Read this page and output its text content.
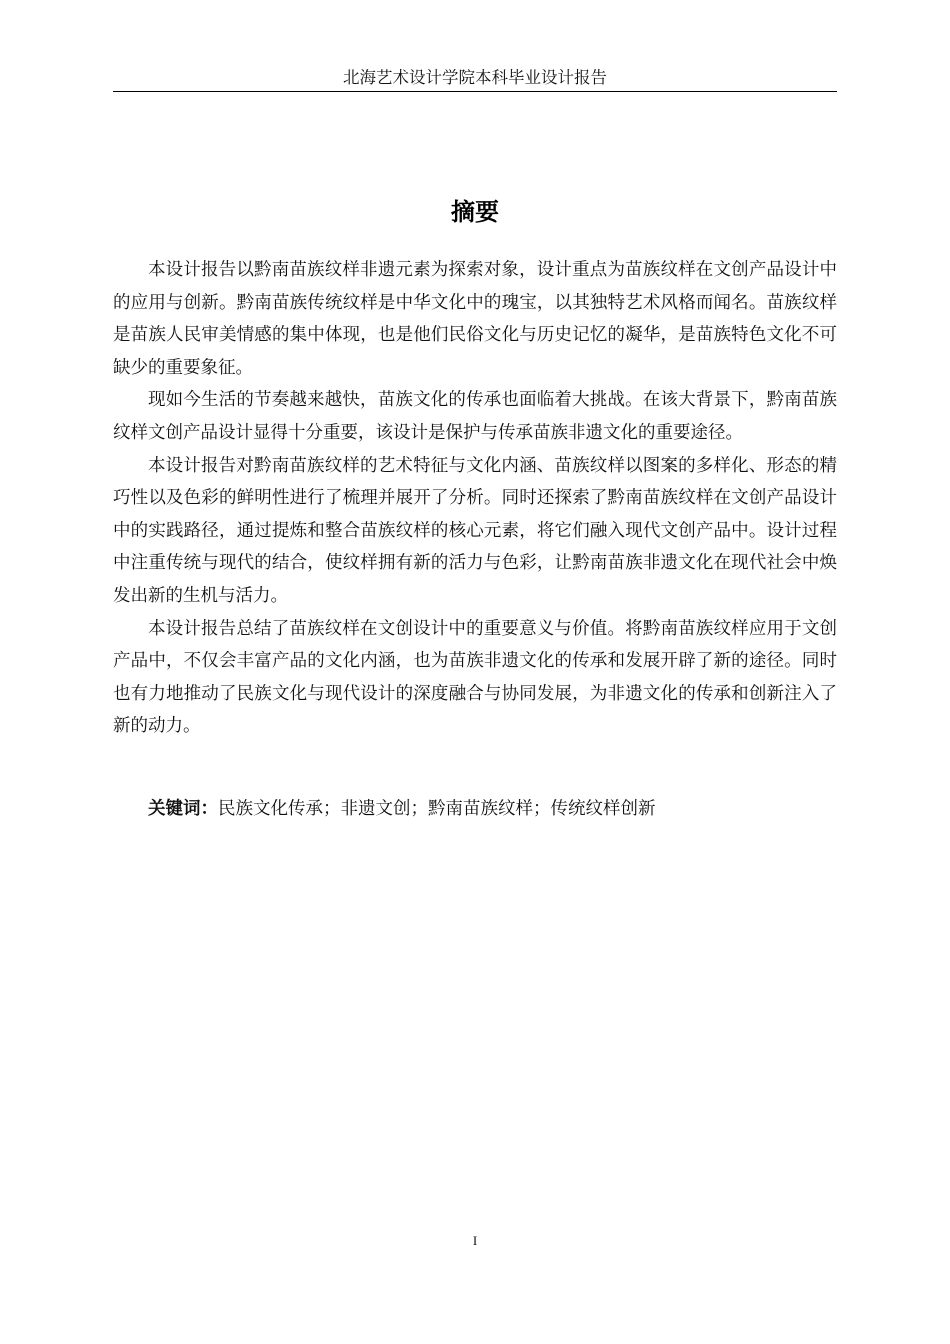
北海艺术设计学院本科毕业设计报告
摘要

本设计报告以黔南苗族纹样非遗元素为探索对象，设计重点为苗族纹样在文创产品设计中的应用与创新。黔南苗族传统纹样是中华文化中的瑰宝，以其独特艺术风格而闻名。苗族纹样是苗族人民审美情感的集中体现，也是他们民俗文化与历史记忆的凝华，是苗族特色文化不可缺少的重要象征。

现如今生活的节奏越来越快，苗族文化的传承也面临着大挑战。在该大背景下，黔南苗族纹样文创产品设计显得十分重要，该设计是保护与传承苗族非遗文化的重要途径。

本设计报告对黔南苗族纹样的艺术特征与文化内涵、苗族纹样以图案的多样化、形态的精巧性以及色彩的鲜明性进行了梳理并展开了分析。同时还探索了黔南苗族纹样在文创产品设计中的实践路径，通过提炼和整合苗族纹样的核心元素，将它们融入现代文创产品中。设计过程中注重传统与现代的结合，使纹样拥有新的活力与色彩，让黔南苗族非遗文化在现代社会中焕发出新的生机与活力。

本设计报告总结了苗族纹样在文创设计中的重要意义与价值。将黔南苗族纹样应用于文创产品中，不仅会丰富产品的文化内涵，也为苗族非遗文化的传承和发展开辟了新的途径。同时也有力地推动了民族文化与现代设计的深度融合与协同发展，为非遗文化的传承和创新注入了新的动力。

关键词：民族文化传承；非遗文创；黔南苗族纹样；传统纹样创新
I
